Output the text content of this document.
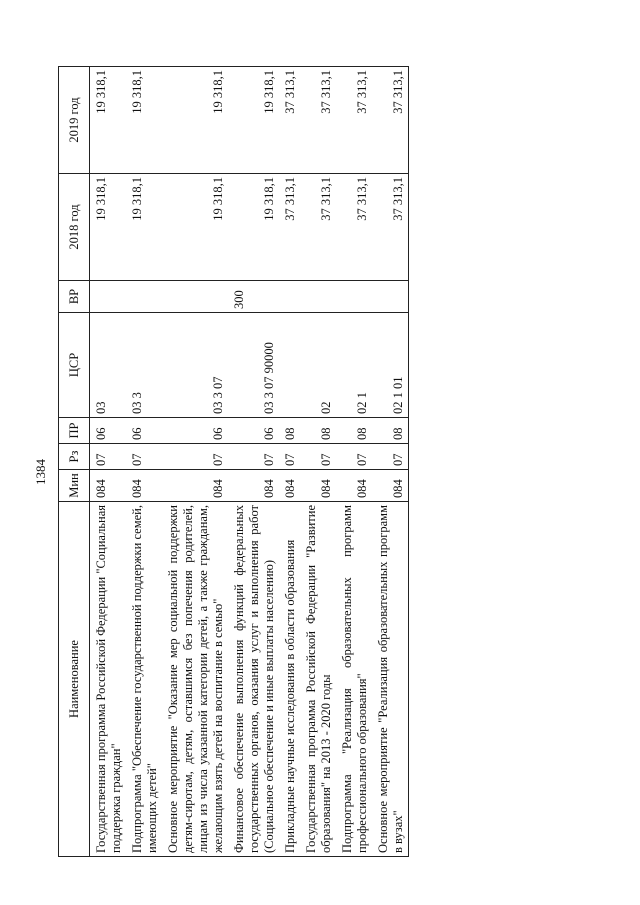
1384
Наименование	Мин	Рз	ПР	ЦСР	ВР	2018 год	2019 год
Государственная программа Российской Федерации "Социальная поддержка граждан"	084	07	06	03		19 318,1	19 318,1
Подпрограмма "Обеспечение государственной поддержки семей, имеющих детей"	084	07	06	03 3		19 318,1	19 318,1
Основное мероприятие "Оказание мер социальной поддержки детям-сиротам, детям, оставшимся без попечения родителей, лицам из числа указанной категории детей, а также гражданам, желающим взять детей на воспитание в семью"	084	07	06	03 3 07		19 318,1	19 318,1
Финансовое обеспечение выполнения функций федеральных государственных органов, оказания услуг и выполнения работ (Социальное обеспечение и иные выплаты населению)	084	07	06	03 3 07 90000	300	19 318,1	19 318,1
Прикладные научные исследования в области образования	084	07	08			37 313,1	37 313,1
Государственная программа Российской Федерации "Развитие образования" на 2013 - 2020 годы	084	07	08	02		37 313,1	37 313,1
Подпрограмма "Реализация образовательных программ профессионального образования"	084	07	08	02 1		37 313,1	37 313,1
Основное мероприятие "Реализация образовательных программ в вузах"	084	07	08	02 1 01		37 313,1	37 313,1
